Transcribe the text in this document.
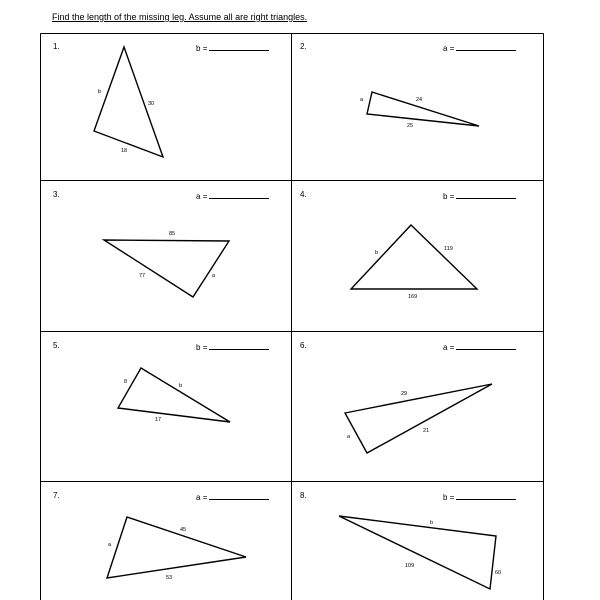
Find the length of the missing leg. Assume all are right triangles.
b
30
18
a	24
25
85
77	a
b
119
169
8
b
17
29
21
a
45
a
53
b
109
60
1.	2.
3.	4.
5.	6.
7.	8.
b =	a =
a =	b =
b =	a =
a =	b =
